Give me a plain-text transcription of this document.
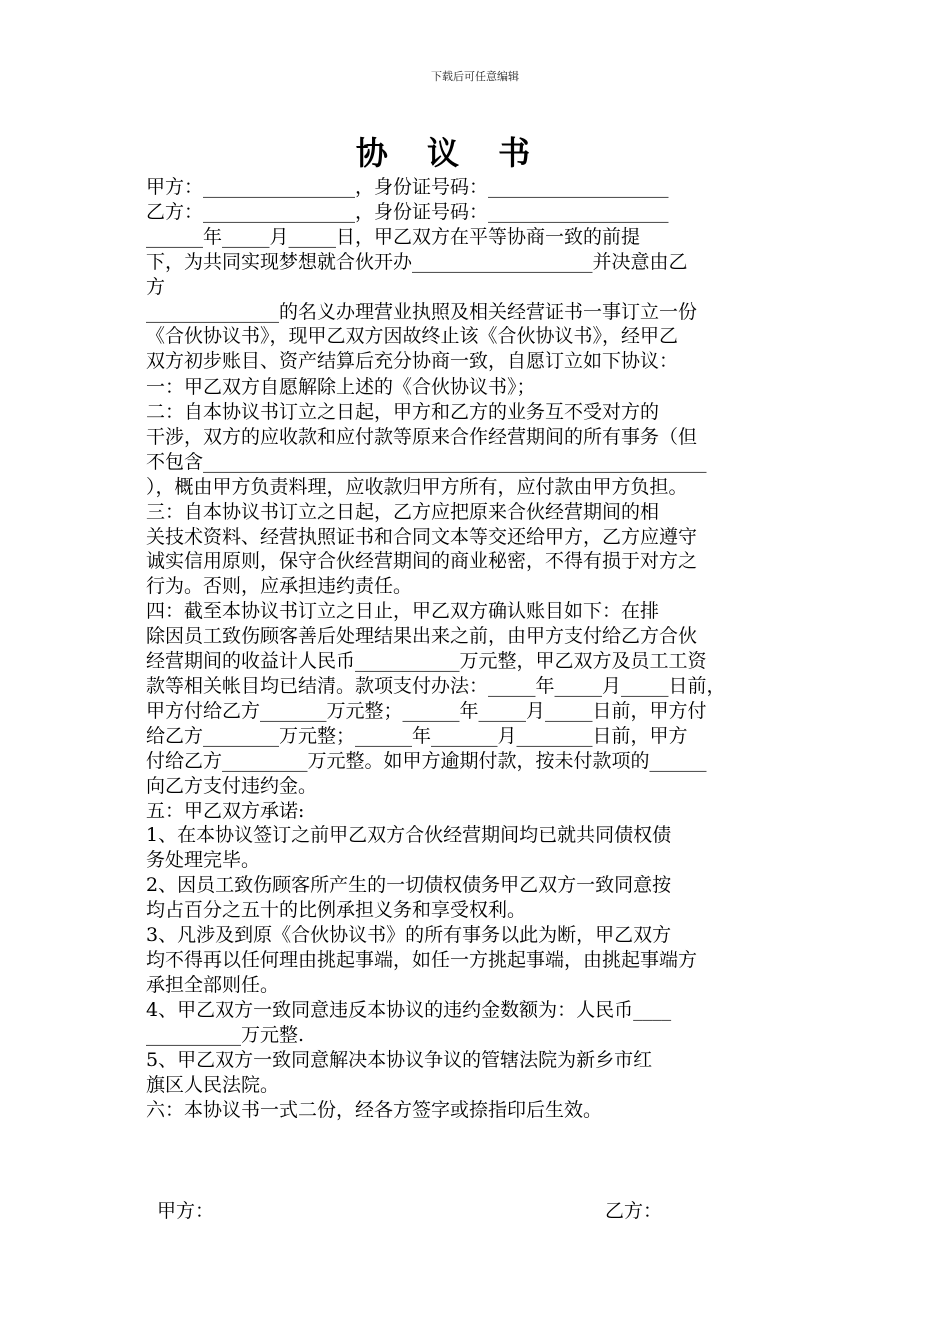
下载后可任意编辑
协 议 书
甲方：________________，身份证号码：___________________
乙方：________________，身份证号码：___________________
______年_____月_____日，甲乙双方在平等协商一致的前提
下，为共同实现梦想就合伙开办___________________并决意由乙
方
______________的名义办理营业执照及相关经营证书一事订立一份
《合伙协议书》，现甲乙双方因故终止该《合伙协议书》，经甲乙
双方初步账目、资产结算后充分协商一致，自愿订立如下协议：
一：甲乙双方自愿解除上述的《合伙协议书》；
二：自本协议书订立之日起，甲方和乙方的业务互不受对方的
干涉，双方的应收款和应付款等原来合作经营期间的所有事务（但
不包含_____________________________________________________
），概由甲方负责料理，应收款归甲方所有，应付款由甲方负担。
三：自本协议书订立之日起，乙方应把原来合伙经营期间的相
关技术资料、经营执照证书和合同文本等交还给甲方，乙方应遵守
诚实信用原则，保守合伙经营期间的商业秘密，不得有损于对方之
行为。否则，应承担违约责任。
四：截至本协议书订立之日止，甲乙双方确认账目如下：在排
除因员工致伤顾客善后处理结果出来之前，由甲方支付给乙方合伙
经营期间的收益计人民币___________万元整，甲乙双方及员工工资
款等相关帐目均已结清。款项支付办法：_____年_____月_____日前，
甲方付给乙方_______万元整；______年_____月_____日前，甲方付
给乙方________万元整；______年_______月________日前，甲方
付给乙方_________万元整。如甲方逾期付款，按未付款项的______
向乙方支付违约金。
五：甲乙双方承诺:
1、在本协议签订之前甲乙双方合伙经营期间均已就共同债权债
务处理完毕。
2、因员工致伤顾客所产生的一切债权债务甲乙双方一致同意按
均占百分之五十的比例承担义务和享受权利。
3、凡涉及到原《合伙协议书》的所有事务以此为断，甲乙双方
均不得再以任何理由挑起事端，如任一方挑起事端，由挑起事端方
承担全部则任。
4、甲乙双方一致同意违反本协议的违约金数额为：人民币____
__________万元整.
5、甲乙双方一致同意解决本协议争议的管辖法院为新乡市红
旗区人民法院。
六：本协议书一式二份，经各方签字或捺指印后生效。
甲方：	乙方：
